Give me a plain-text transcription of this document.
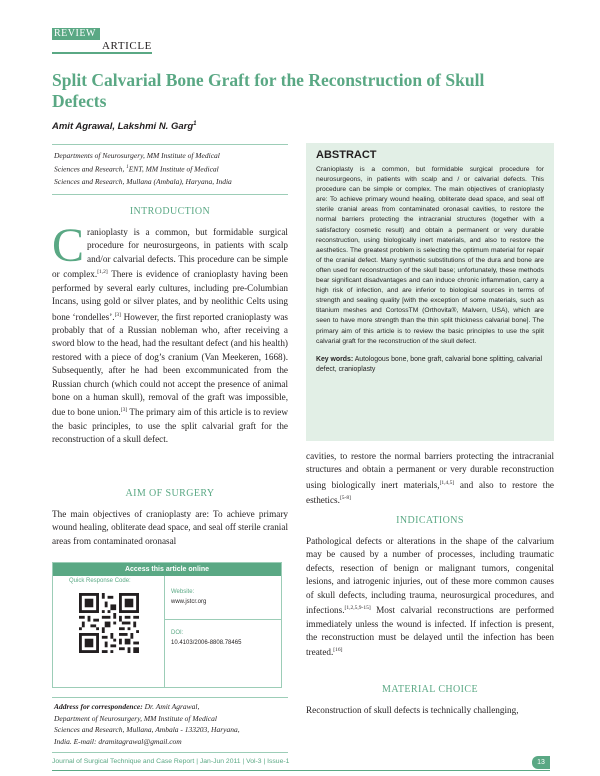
REVIEW
ARTICLE
Split Calvarial Bone Graft for the Reconstruction of Skull
Defects
Amit Agrawal, Lakshmi N. Garg$^1$
Departments of Neurosurgery, MM Institute of Medical
Sciences and Research, $^1$ENT, MM Institute of Medical
Sciences and Research, Mullana (Ambala), Haryana, India
ABSTRACT
Cranioplasty is a common, but formidable surgical procedure for neurosurgeons, in patients with scalp and / or calvarial defects. This procedure can be simple or complex. The main objectives of cranioplasty are: To achieve primary wound healing, obliterate dead space, and seal off sterile cranial areas from contaminated oronasal cavities, to restore the normal barriers protecting the intracranial structures (together with a satisfactory cosmetic result) and obtain a permanent or very durable reconstruction, using biologically inert materials, and also to restore the aesthetics. The greatest problem is selecting the optimum material for repair of the cranial defect. Many synthetic substitutions of the dura and bone are often used for reconstruction of the skull base; unfortunately, these methods bear significant disadvantages and can induce chronic inflammation, carry a high risk of infection, and are inferior to biological sources in terms of strength and sealing quality [with the exception of some materials, such as titanium meshes and CortossTM (Orthovita®, Malvern, USA), which are seen to have more strength than the thin split thickness calvarial bone]. The primary aim of this article is to review the basic principles to use the split calvarial graft for the reconstruction of the skull defect.
Key words: Autologous bone, bone graft, calvarial bone splitting, calvarial defect, cranioplasty
INTRODUCTION
Cranioplasty is a common, but formidable surgical procedure for neurosurgeons, in patients with scalp and/or calvarial defects. This procedure can be simple or complex.[1,2] There is evidence of cranioplasty having been performed by several early cultures, including pre-Columbian Incans, using gold or silver plates, and by neolithic Celts using bone ‘rondelles’.[3] However, the first reported cranioplasty was probably that of a Russian nobleman who, after receiving a sword blow to the head, had the resultant defect (and his health) restored with a piece of dog’s cranium (Van Meekeren, 1668). Subsequently, after he had been excommunicated from the Russian church (which could not accept the presence of animal bone on a human skull), removal of the graft was impossible, due to bone union.[3] The primary aim of this article is to review the basic principles, to use the split calvarial graft for the reconstruction of a skull defect.
AIM OF SURGERY
The main objectives of cranioplasty are: To achieve primary wound healing, obliterate dead space, and seal off sterile cranial areas from contaminated oronasal
Access this article online
Quick Response Code:
Website:
www.jstcr.org
DOI:
10.4103/2006-8808.78465
Address for correspondence: Dr. Amit Agrawal,
Department of Neurosurgery, MM Institute of Medical
Sciences and Research, Mullana, Ambala - 133203, Haryana,
India. E-mail: dramitagrawal@gmail.com
cavities, to restore the normal barriers protecting the intracranial structures and obtain a permanent or very durable reconstruction using biologically inert materials,[1,4,5] and also to restore the esthetics.[5-8]
INDICATIONS
Pathological defects or alterations in the shape of the calvarium may be caused by a number of processes, including traumatic defects, resection of benign or malignant tumors, congenital lesions, and iatrogenic injuries, out of these more common causes of skull defects, including trauma, neurosurgical procedures, and infections.[1,2,5,9-15] Most calvarial reconstructions are performed immediately unless the wound is infected. If infection is present, the reconstruction must be delayed until the infection has been treated.[16]
MATERIAL CHOICE
Reconstruction of skull defects is technically challenging,
Journal of Surgical Technique and Case Report | Jan-Jun 2011 | Vol-3 | Issue-1	13
